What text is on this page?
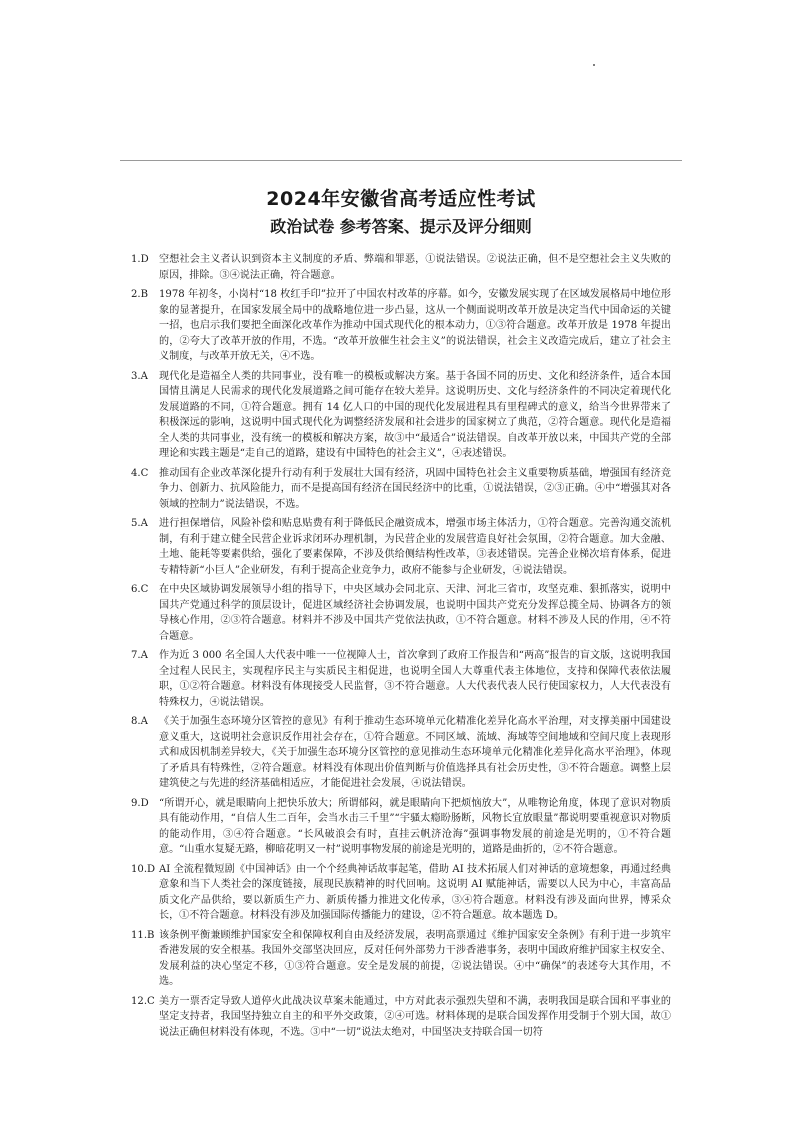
2024年安徽省高考适应性考试
政治试卷 参考答案、提示及评分细则
1.D	空想社会主义者认识到资本主义制度的矛盾、弊端和罪恶，①说法错误。②说法正确，但不是空想社会主义失败的原因，排除。③④说法正确，符合题意。
2.B	1978 年初冬，小岗村“18 枚红手印”拉开了中国农村改革的序幕。如今，安徽发展实现了在区域发展格局中地位形象的显著提升，在国家发展全局中的战略地位进一步凸显，这从一个侧面说明改革开放是决定当代中国命运的关键一招，也启示我们要把全面深化改革作为推动中国式现代化的根本动力，①③符合题意。改革开放是 1978 年提出的，②夸大了改革开放的作用，不选。“改革开放催生社会主义”的说法错误，社会主义改造完成后，建立了社会主义制度，与改革开放无关，④不选。
3.A	现代化是造福全人类的共同事业，没有唯一的模板或解决方案。基于各国不同的历史、文化和经济条件，适合本国国情且满足人民需求的现代化发展道路之间可能存在较大差异。这说明历史、文化与经济条件的不同决定着现代化发展道路的不同，①符合题意。拥有 14 亿人口的中国的现代化发展进程具有里程碑式的意义，给当今世界带来了积极深远的影响，这说明中国式现代化为调整经济发展和社会进步的国家树立了典范，②符合题意。现代化是造福全人类的共同事业，没有统一的模板和解决方案，故③中“最适合”说法错误。自改革开放以来，中国共产党的全部理论和实践主题是“走自己的道路，建设有中国特色的社会主义”，④表述错误。
4.C	推动国有企业改革深化提升行动有利于发展壮大国有经济，巩固中国特色社会主义重要物质基础，增强国有经济竞争力、创新力、抗风险能力，而不是提高国有经济在国民经济中的比重，①说法错误，②③正确。④中“增强其对各领域的控制力”说法错误，不选。
5.A	进行担保增信，风险补偿和贴息贴费有利于降低民企融资成本，增强市场主体活力，①符合题意。完善沟通交流机制，有利于建立健全民营企业诉求闭环办理机制，为民营企业的发展营造良好社会氛围，②符合题意。加大金融、土地、能耗等要素供给，强化了要素保障，不涉及供给侧结构性改革，③表述错误。完善企业梯次培育体系，促进专精特新“小巨人”企业研发，有利于提高企业竞争力，政府不能参与企业研发，④说法错误。
6.C	在中央区域协调发展领导小组的指导下，中央区域办会同北京、天津、河北三省市，攻坚克难、狠抓落实，说明中国共产党通过科学的顶层设计，促进区域经济社会协调发展，也说明中国共产党充分发挥总揽全局、协调各方的领导核心作用，②③符合题意。材料并不涉及中国共产党依法执政，①不符合题意。材料不涉及人民的作用，④不符合题意。
7.A	作为近 3 000 名全国人大代表中唯一一位视障人士，首次拿到了政府工作报告和“两高”报告的盲文版，这说明我国全过程人民民主，实现程序民主与实质民主相促进，也说明全国人大尊重代表主体地位，支持和保障代表依法履职，①②符合题意。材料没有体现接受人民监督，③不符合题意。人大代表代表人民行使国家权力，人大代表没有特殊权力，④说法错误。
8.A	《关于加强生态环境分区管控的意见》有利于推动生态环境单元化精准化差异化高水平治理，对支撑美丽中国建设意义重大，这说明社会意识反作用社会存在，①符合题意。不同区域、流域、海域等空间地域和空间尺度上表现形式和成因机制差异较大，《关于加强生态环境分区管控的意见推动生态环境单元化精准化差异化高水平治理》，体现了矛盾具有特殊性，②符合题意。材料没有体现出价值判断与价值选择具有社会历史性，③不符合题意。调整上层建筑使之与先进的经济基础相适应，才能促进社会发展，④说法错误。
9.D	“所谓开心，就是眼睛向上把快乐放大；所谓郁闷，就是眼睛向下把烦恼放大”，从唯物论角度，体现了意识对物质具有能动作用，“自信人生二百年，会当水击三千里”“宇骚太瘾盼肠断，风物长宜放眼量”都说明要重视意识对物质的能动作用，③④符合题意。“长风破浪会有时，直挂云帆济沧海”强调事物发展的前途是光明的，①不符合题意。“山重水复疑无路，柳暗花明又一村”说明事物发展的前途是光明的，道路是曲折的，②不符合题意。
10.D AI 全流程微短剧《中国神话》由一个个经典神话故事起笔，借助 AI 技术拓展人们对神话的意境想象，再通过经典意象和当下人类社会的深度链接，展现民族精神的时代回响。这说明 AI 赋能神话，需要以人民为中心，丰富高品质文化产品供给，要以新质生产力、新质传播力推进文化传承，③④符合题意。材料没有涉及面向世界，博采众长，①不符合题意。材料没有涉及加强国际传播能力的建设，②不符合题意。故本题选 D。
11.B 该条例平衡兼顾维护国家安全和保障权利自由及经济发展，表明高票通过《维护国家安全条例》有利于进一步筑牢香港发展的安全根基。我国外交部坚决回应，反对任何外部势力干涉香港事务，表明中国政府维护国家主权安全、发展利益的决心坚定不移，①③符合题意。安全是发展的前提，②说法错误。④中“确保”的表述夸大其作用，不选。
12.C 美方一票否定导致人道停火此战决议草案未能通过，中方对此表示强烈失望和不满，表明我国是联合国和平事业的坚定支持者，我国坚持独立自主的和平外交政策，②④可选。材料体现的是联合国发挥作用受制于个别大国，故①说法正确但材料没有体现，不选。③中“一切”说法太绝对，中国坚决支持联合国一切符
